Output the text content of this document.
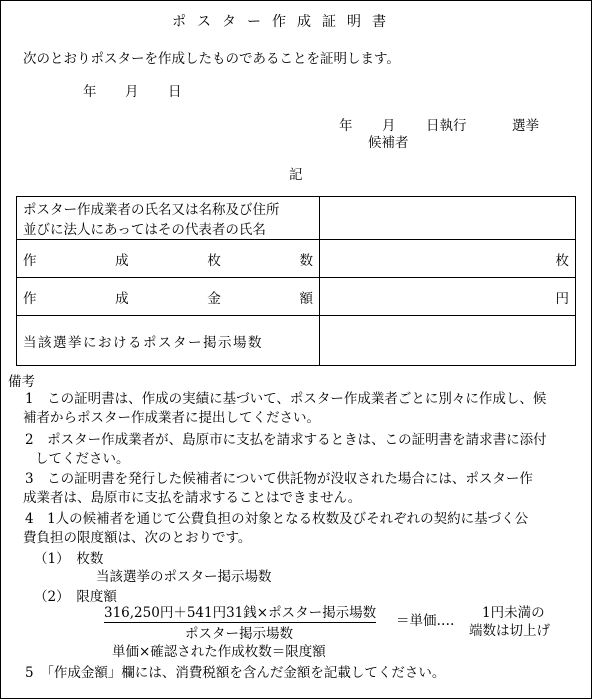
ポスター作成証明書
次のとおりポスターを作成したものであることを証明します。
年 月 日
年 月 日執行	選挙
候補者
記
ポスター作成業者の氏名又は名称及び住所
並びに法人にあってはその代表者の氏名	

作 成 枚 数	枚

作 成 金 額	円
当該選挙におけるポスター掲示場数	
備考
1　この証明書は、作成の実績に基づいて、ポスター作成業者ごとに別々に作成し、候
補者からポスター作成業者に提出してください。
2　ポスター作成業者が、島原市に支払を請求するときは、この証明書を請求書に添付
してください。
3　この証明書を発行した候補者について供託物が没収された場合には、ポスター作
成業者は、島原市に支払を請求することはできません。
4　1人の候補者を通じて公費負担の対象となる枚数及びそれぞれの契約に基づく公
費負担の限度額は、次のとおりです。
（1）　枚数
当該選挙のポスター掲示場数
（2）　限度額
316,250円＋541円31銭×ポスター掲示場数
ポスター掲示場数
＝単価‥‥ 1円未満の
端数は切上げ
単価×確認された作成枚数＝限度額
5　「作成金額」欄には、消費税額を含んだ金額を記載してください。
